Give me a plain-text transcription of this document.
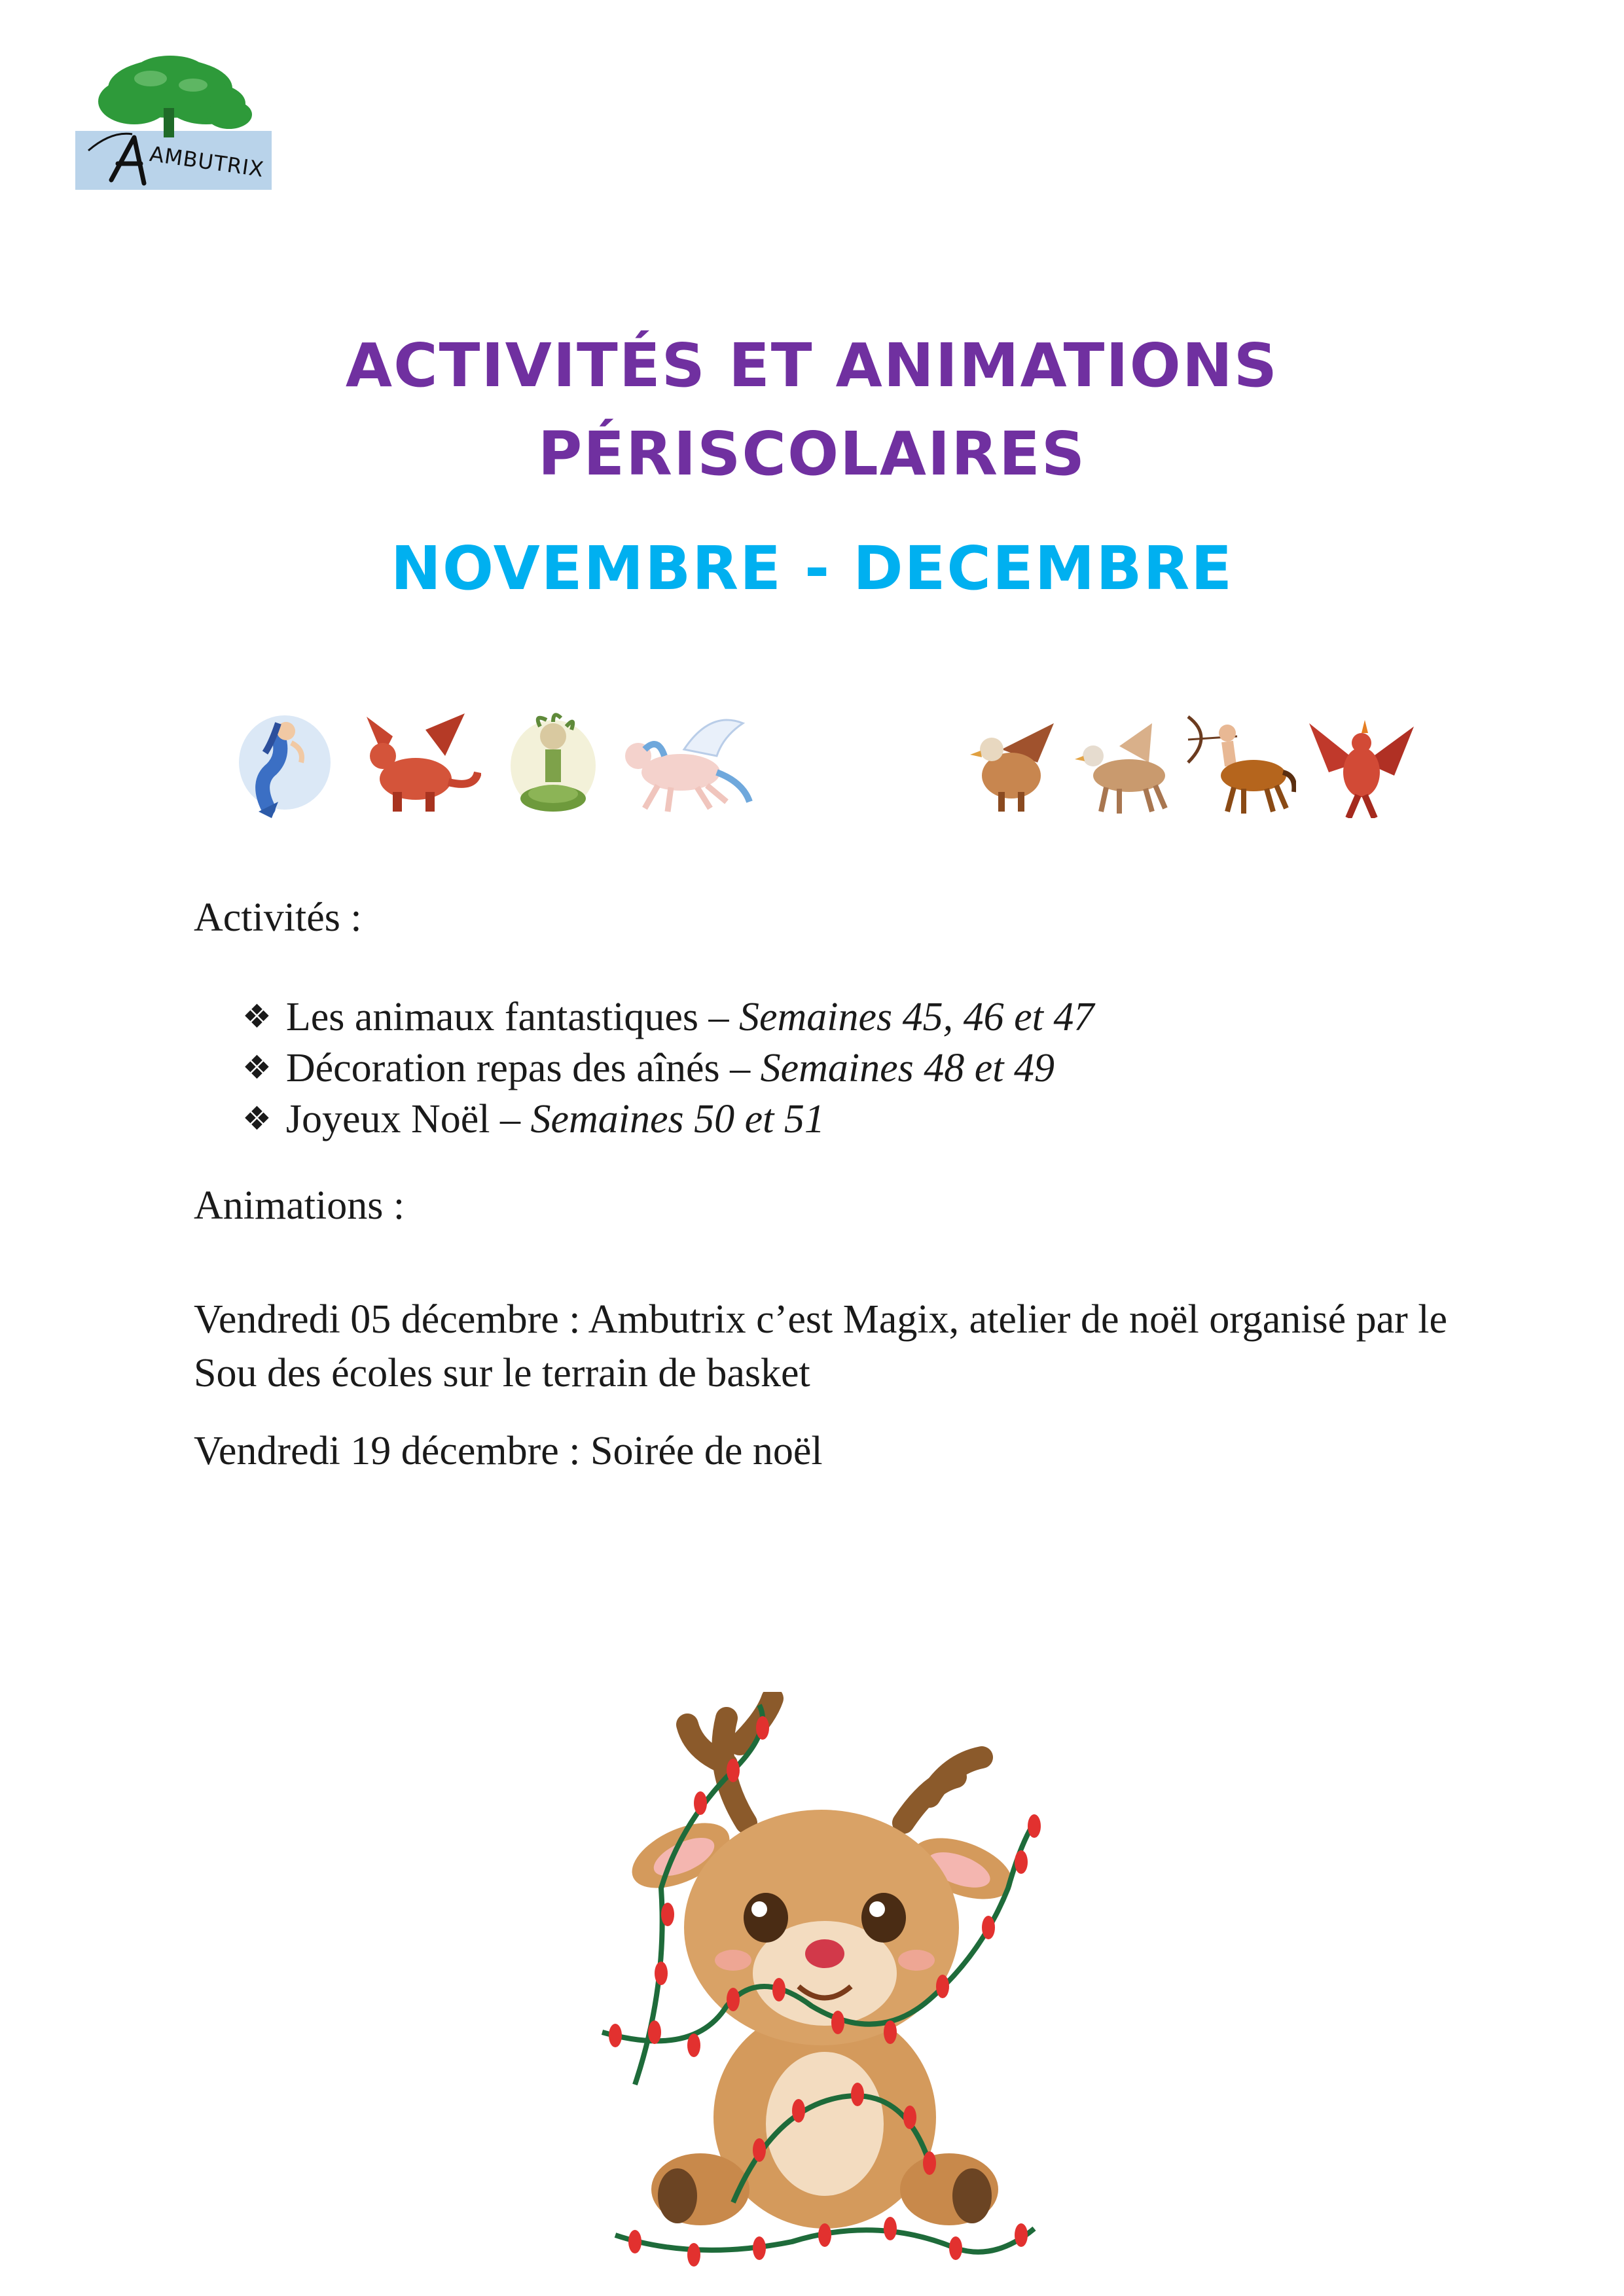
AMBUTRIX
ACTIVITÉS ET ANIMATIONS
PÉRISCOLAIRES
NOVEMBRE - DECEMBRE
Activités :
❖ Les animaux fantastiques – Semaines 45, 46 et 47
❖ Décoration repas des aînés – Semaines 48 et 49
❖ Joyeux Noël – Semaines 50 et 51
Animations :
Vendredi 05 décembre : Ambutrix c’est Magix, atelier de noël organisé par le Sou des écoles sur le terrain de basket
Vendredi 19 décembre : Soirée de noël
